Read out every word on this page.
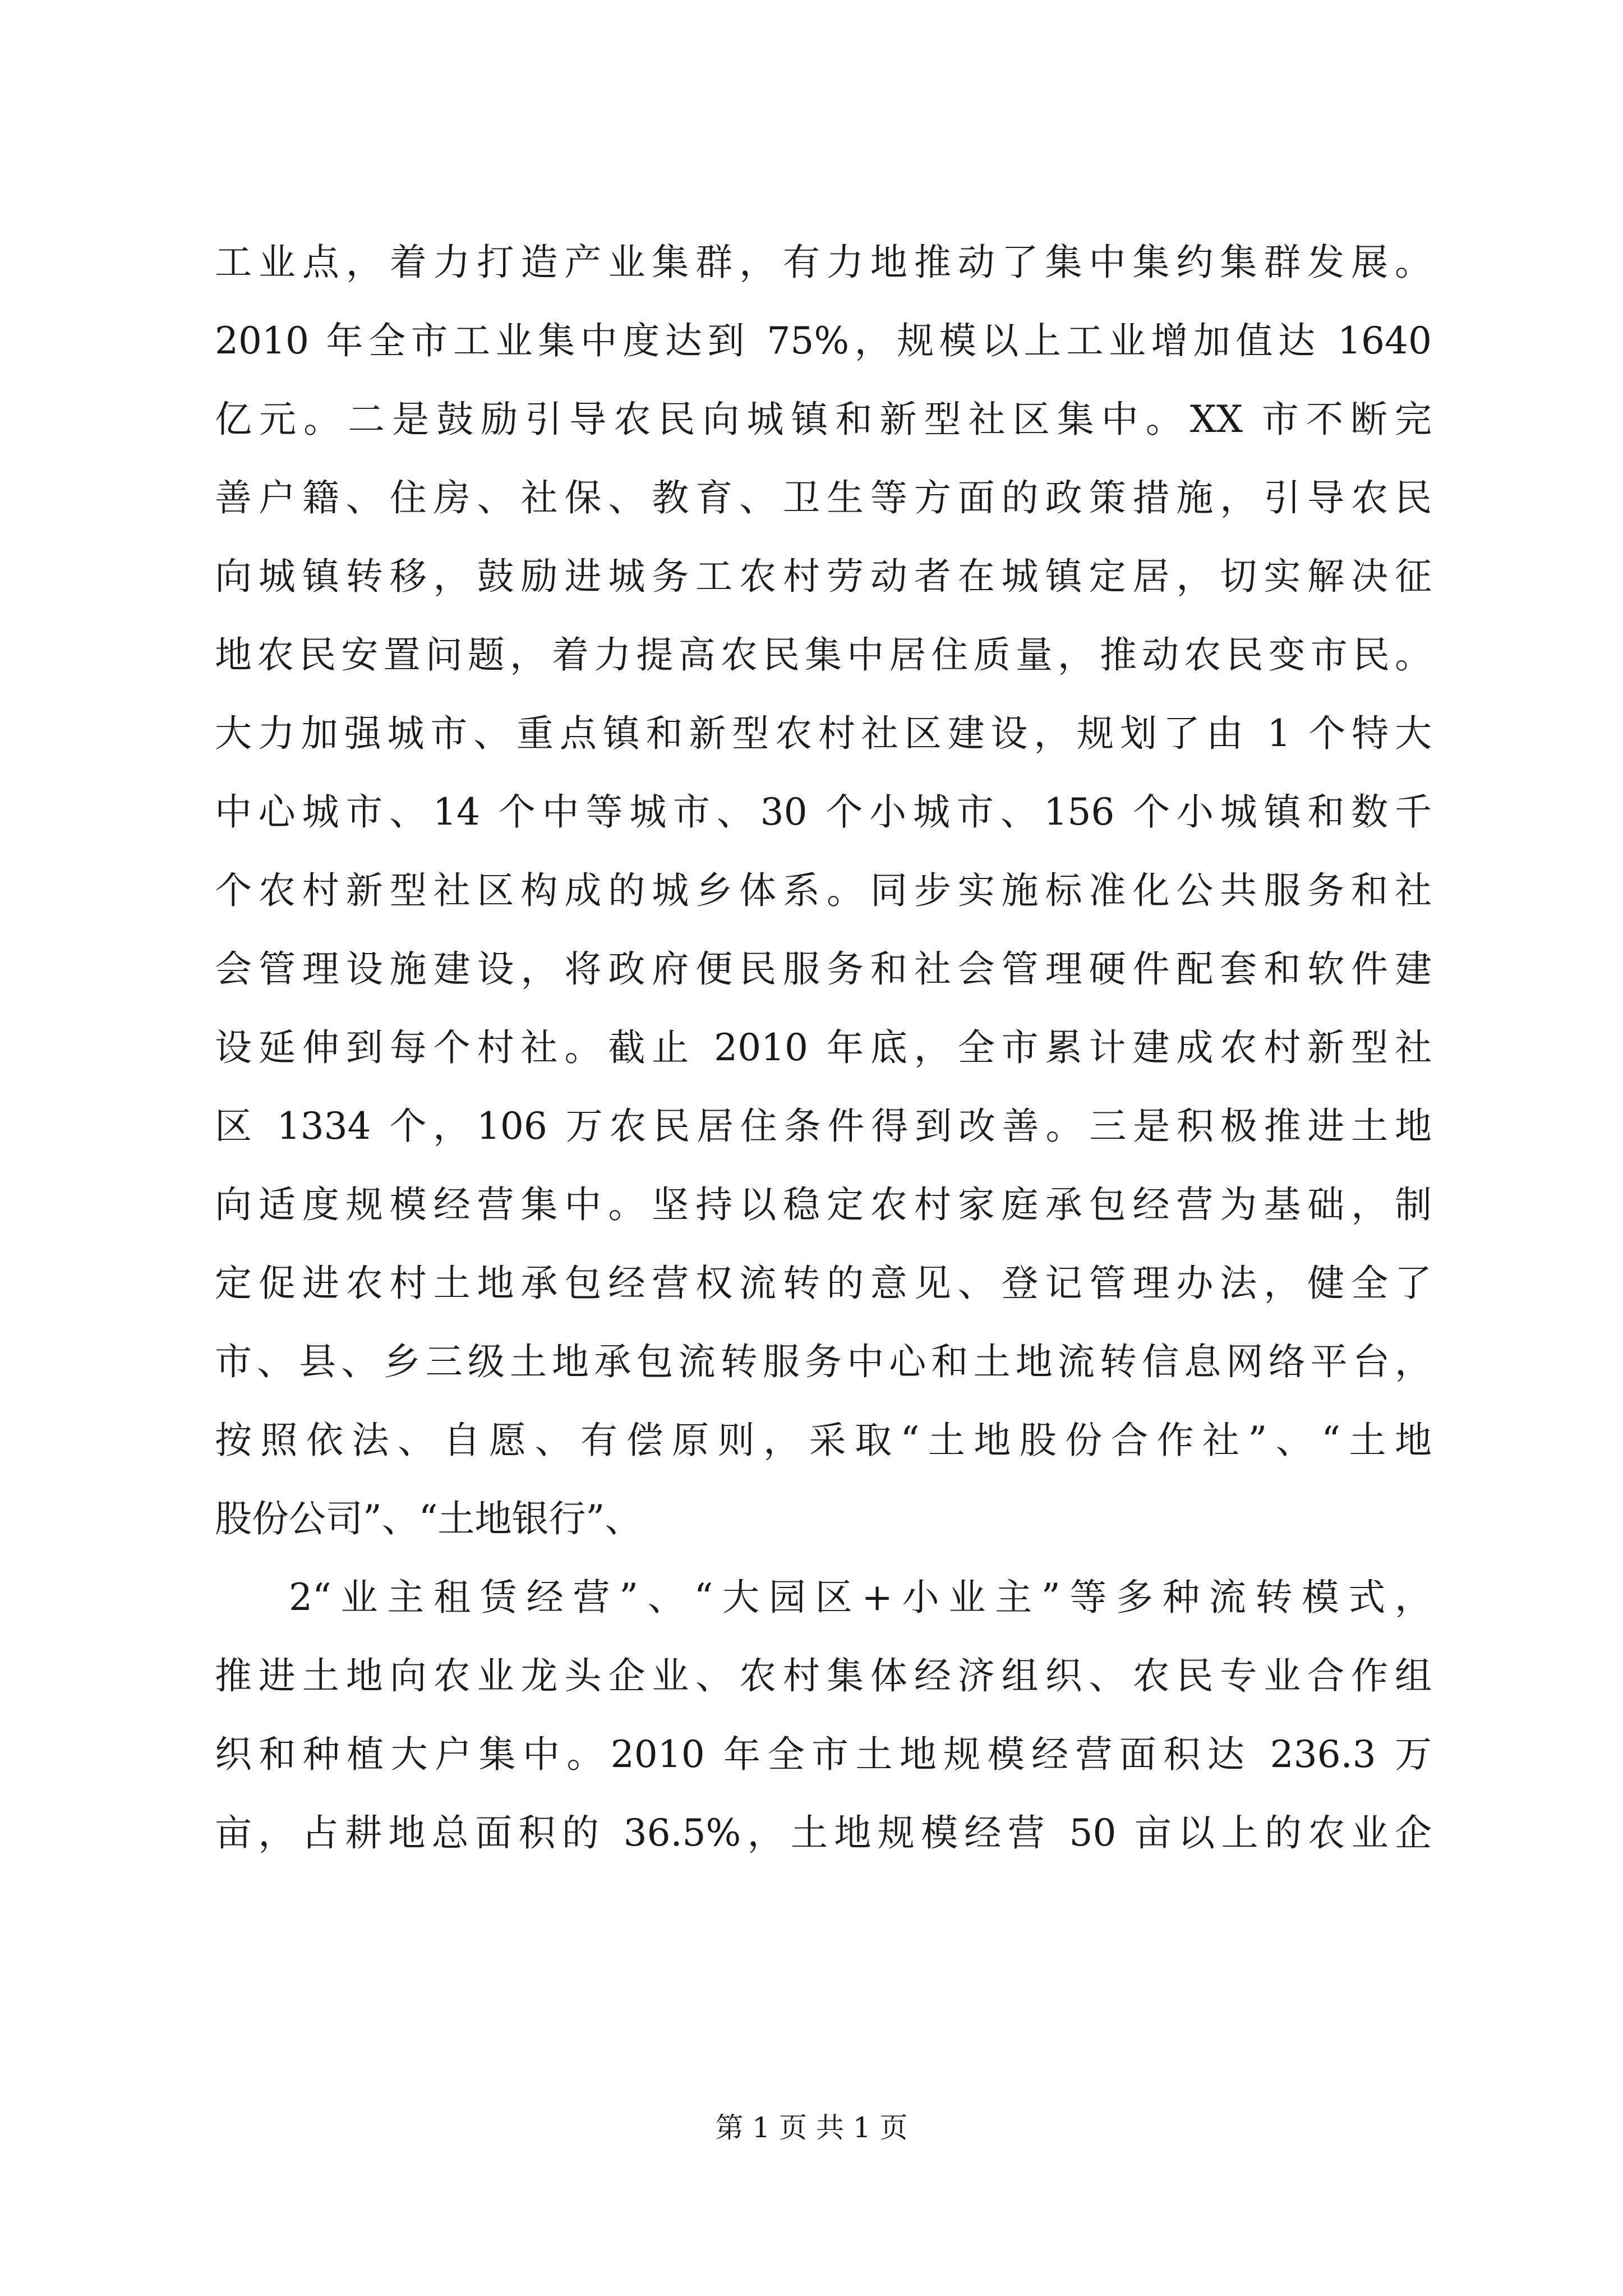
工业点，着力打造产业集群，有力地推动了集中集约集群发展。
2010 年全市工业集中度达到 75%，规模以上工业增加值达 1640
亿元。二是鼓励引导农民向城镇和新型社区集中。XX 市不断完
善户籍、住房、社保、教育、卫生等方面的政策措施，引导农民
向城镇转移，鼓励进城务工农村劳动者在城镇定居，切实解决征
地农民安置问题，着力提高农民集中居住质量，推动农民变市民。
大力加强城市、重点镇和新型农村社区建设，规划了由 1 个特大
中心城市、14 个中等城市、30 个小城市、156 个小城镇和数千
个农村新型社区构成的城乡体系。同步实施标准化公共服务和社
会管理设施建设，将政府便民服务和社会管理硬件配套和软件建
设延伸到每个村社。截止 2010 年底，全市累计建成农村新型社
区 1334 个，106 万农民居住条件得到改善。三是积极推进土地
向适度规模经营集中。坚持以稳定农村家庭承包经营为基础，制
定促进农村土地承包经营权流转的意见、登记管理办法，健全了
市、县、乡三级土地承包流转服务中心和土地流转信息网络平台，
按照依法、自愿、有偿原则，采取“土地股份合作社”、“土地
股份公司”、“土地银行”、
2“业主租赁经营”、“大园区+小业主”等多种流转模式，
推进土地向农业龙头企业、农村集体经济组织、农民专业合作组
织和种植大户集中。2010 年全市土地规模经营面积达 236.3 万
亩，占耕地总面积的 36.5%，土地规模经营 50 亩以上的农业企
第 1 页 共 1 页
